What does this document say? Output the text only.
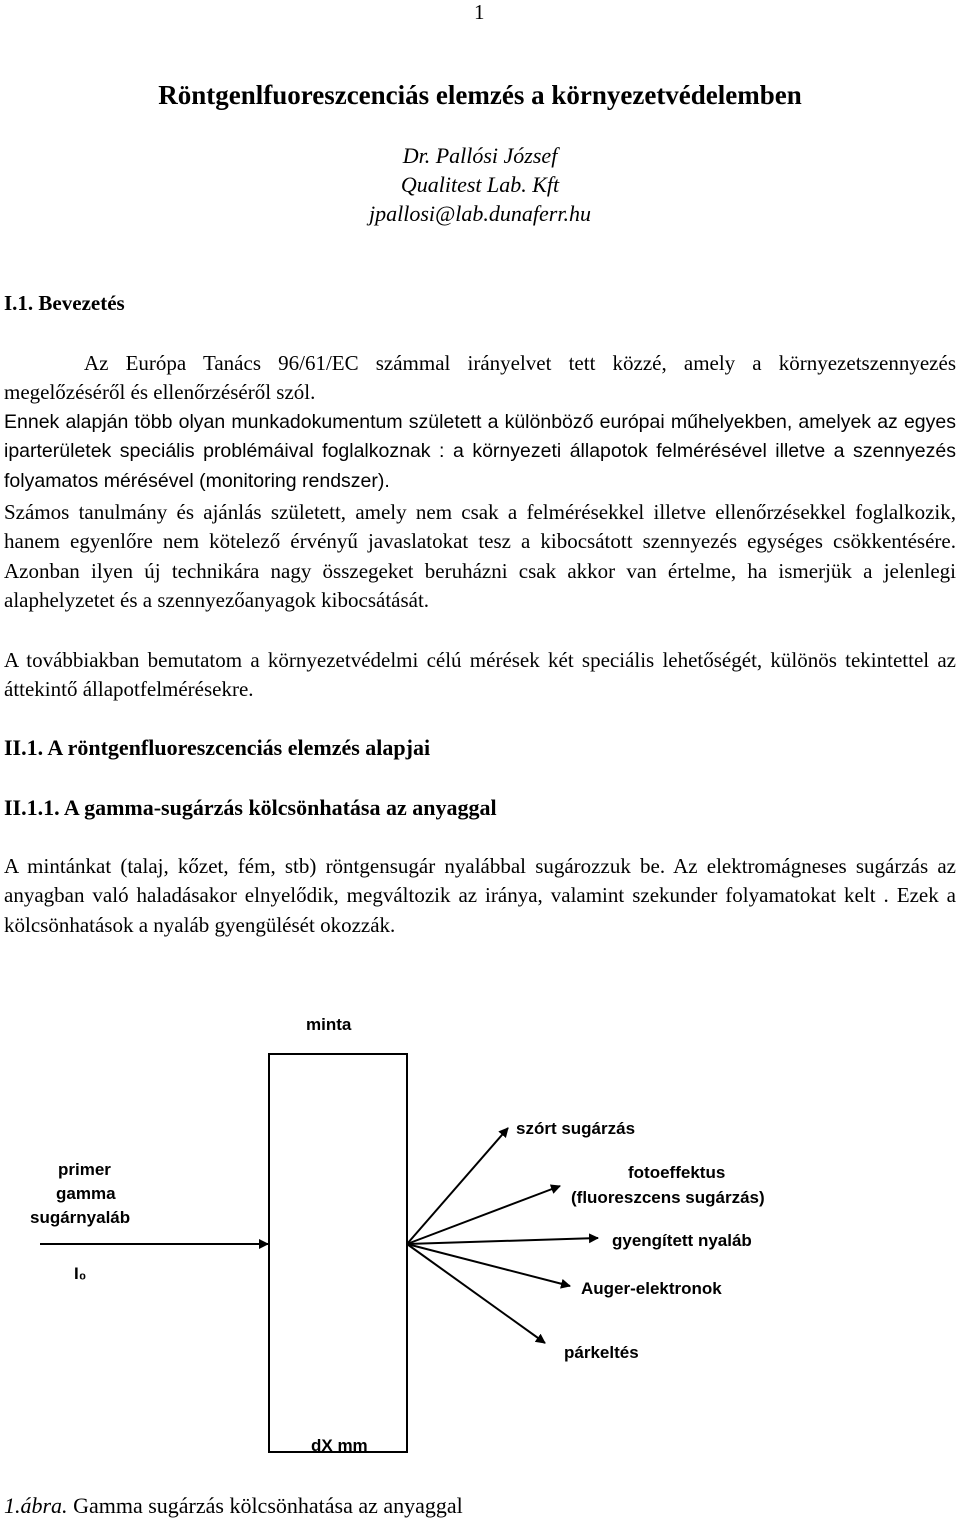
1
Röntgenlfuoreszcenciás elemzés a környezetvédelemben
Dr. Pallósi József
Qualitest Lab. Kft
jpallosi@lab.dunaferr.hu
I.1. Bevezetés
Az Európa Tanács 96/61/EC számmal irányelvet tett közzé, amely a környezetszennyezés megelőzéséről és ellenőrzéséről szól.
Ennek alapján több olyan munkadokumentum született a különböző európai műhelyekben, amelyek az egyes iparterületek speciális problémáival foglalkoznak : a környezeti állapotok felmérésével illetve a szennyezés folyamatos mérésével (monitoring rendszer).
Számos tanulmány és ajánlás született, amely nem csak a felmérésekkel illetve ellenőrzésekkel foglalkozik, hanem egyenlőre nem kötelező érvényű javaslatokat tesz a kibocsátott szennyezés egységes csökkentésére. Azonban ilyen új technikára nagy összegeket beruházni csak akkor van értelme, ha ismerjük a jelenlegi alaphelyzetet és a szennyezőanyagok kibocsátását.
A továbbiakban bemutatom a környezetvédelmi célú mérések két speciális lehetőségét, különös tekintettel az áttekintő állapotfelmérésekre.
II.1. A röntgenfluoreszcenciás elemzés alapjai
II.1.1. A gamma-sugárzás kölcsönhatása az anyaggal
A mintánkat (talaj, kőzet, fém, stb) röntgensugár nyalábbal sugározzuk be. Az elektromágneses sugárzás az anyagban való haladásakor elnyelődik, megváltozik az iránya, valamint szekunder folyamatokat kelt . Ezek a kölcsönhatások a nyaláb gyengülését okozzák.
minta
primer
gamma
sugárnyaláb
I₀
szórt sugárzás
fotoeffektus
(fluoreszcens sugárzás)
gyengített nyaláb
Auger-elektronok
párkeltés
dX mm
1.ábra. Gamma sugárzás kölcsönhatása az anyaggal
